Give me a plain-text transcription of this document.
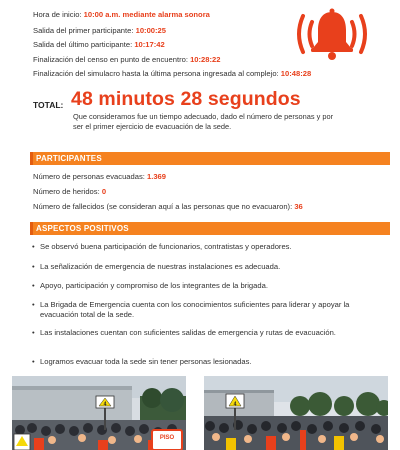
Hora de inicio: 10:00 a.m. mediante alarma sonora
Salida del primer participante: 10:00:25
Salida del último participante: 10:17:42
Finalización del censo en punto de encuentro: 10:28:22
Finalización del simulacro hasta la última persona ingresada al complejo: 10:48:28
TOTAL: 48 minutos 28 segundos
Que consideramos fue un tiempo adecuado, dado el número de personas y por ser el primer ejercicio de evacuación de la sede.
PARTICIPANTES
Número de personas evacuadas: 1.369
Número de heridos: 0
Número de fallecidos (se consideran aquí a las personas que no evacuaron): 36
ASPECTOS POSITIVOS
• Se observó buena participación de funcionarios, contratistas y operadores.
• La señalización de emergencia de nuestras instalaciones es adecuada.
• Apoyo, participación y compromiso de los integrantes de la brigada.
• La Brigada de Emergencia cuenta con los conocimientos suficientes para liderar y apoyar la evacuación total de la sede.
• Las instalaciones cuentan con suficientes salidas de emergencia y rutas de evacuación.
• Logramos evacuar toda la sede sin tener personas lesionadas.
4
PISO
4
